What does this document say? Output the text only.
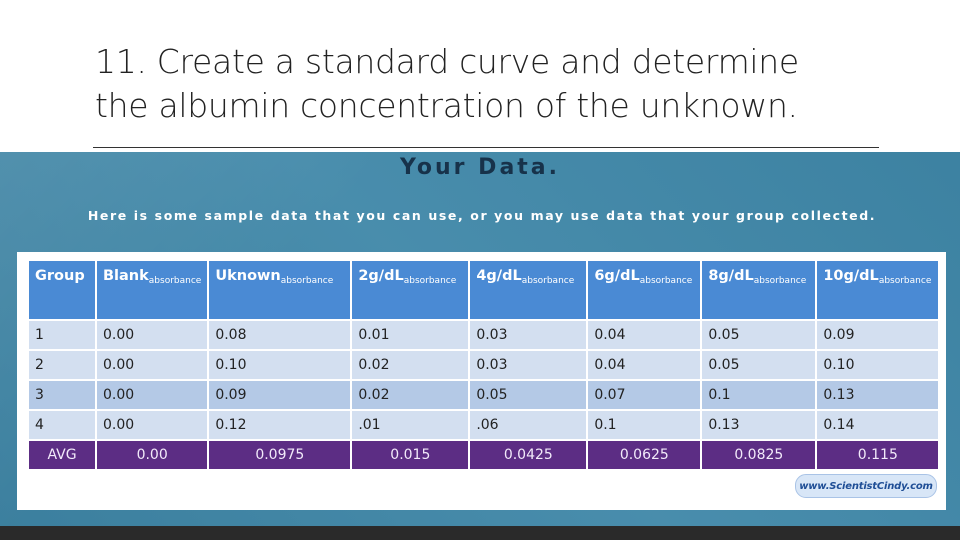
11. Create a standard curve and determine
the albumin concentration of the unknown.
Your Data.
Here is some sample data that you can use, or you may use data that your group collected.
Group	Blank$_{absorbance}$	Uknown$_{absorbance}$	$2g/dL_{absorbance}$	$4g/dL_{absorbance}$	$6g/dL_{absorbance}$	$8g/dL_{absorbance}$	$10g/dL_{absorbance}$
1	0.00	0.08	0.01	0.03	0.04	0.05	0.09
2	0.00	0.10	0.02	0.03	0.04	0.05	0.10
3	0.00	0.09	0.02	0.05	0.07	0.1	0.13
4	0.00	0.12	.01	.06	0.1	0.13	0.14
AVG	0.00	0.0975	0.015	0.0425	0.0625	0.0825	0.115
www.ScientistCindy.com
